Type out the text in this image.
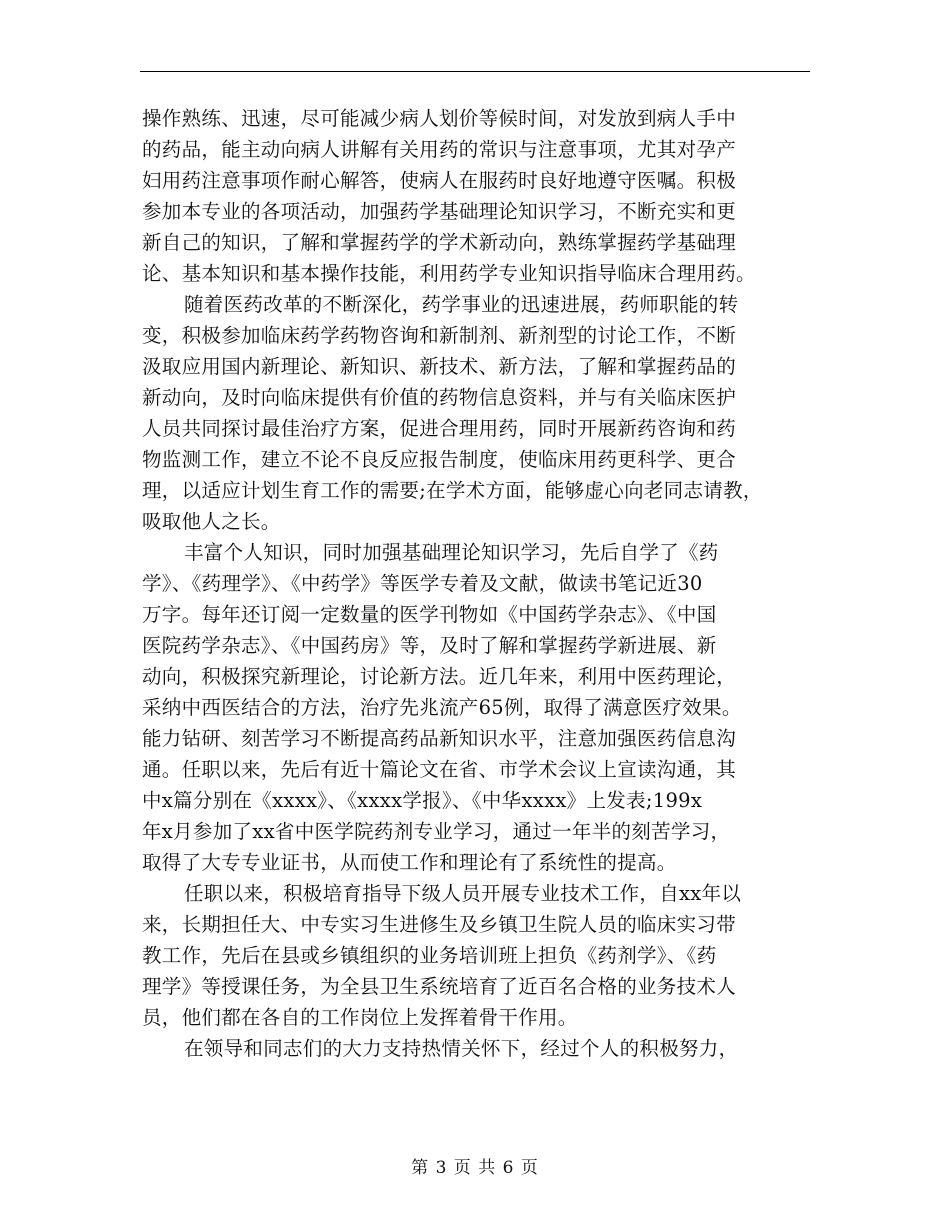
操作熟练、迅速，尽可能减少病人划价等候时间，对发放到病人手中
的药品，能主动向病人讲解有关用药的常识与注意事项，尤其对孕产
妇用药注意事项作耐心解答，使病人在服药时良好地遵守医嘱。积极
参加本专业的各项活动，加强药学基础理论知识学习，不断充实和更
新自己的知识，了解和掌握药学的学术新动向，熟练掌握药学基础理
论、基本知识和基本操作技能，利用药学专业知识指导临床合理用药。
随着医药改革的不断深化，药学事业的迅速进展，药师职能的转
变，积极参加临床药学药物咨询和新制剂、新剂型的讨论工作，不断
汲取应用国内新理论、新知识、新技术、新方法，了解和掌握药品的
新动向，及时向临床提供有价值的药物信息资料，并与有关临床医护
人员共同探讨最佳治疗方案，促进合理用药，同时开展新药咨询和药
物监测工作，建立不论不良反应报告制度，使临床用药更科学、更合
理，以适应计划生育工作的需要;在学术方面，能够虚心向老同志请教，
吸取他人之长。
丰富个人知识，同时加强基础理论知识学习，先后自学了《药
学》、《药理学》、《中药学》等医学专着及文献，做读书笔记近30
万字。每年还订阅一定数量的医学刊物如《中国药学杂志》、《中国
医院药学杂志》、《中国药房》等，及时了解和掌握药学新进展、新
动向，积极探究新理论，讨论新方法。近几年来，利用中医药理论，
采纳中西医结合的方法，治疗先兆流产65例，取得了满意医疗效果。
能力钻研、刻苦学习不断提高药品新知识水平，注意加强医药信息沟
通。任职以来，先后有近十篇论文在省、市学术会议上宣读沟通，其
中x篇分别在《xxxx》、《xxxx学报》、《中华xxxx》上发表;199x
年x月参加了xx省中医学院药剂专业学习，通过一年半的刻苦学习，
取得了大专专业证书，从而使工作和理论有了系统性的提高。
任职以来，积极培育指导下级人员开展专业技术工作，自xx年以
来，长期担任大、中专实习生进修生及乡镇卫生院人员的临床实习带
教工作，先后在县或乡镇组织的业务培训班上担负《药剂学》、《药
理学》等授课任务，为全县卫生系统培育了近百名合格的业务技术人
员，他们都在各自的工作岗位上发挥着骨干作用。
在领导和同志们的大力支持热情关怀下，经过个人的积极努力，
第 3 页 共 6 页
